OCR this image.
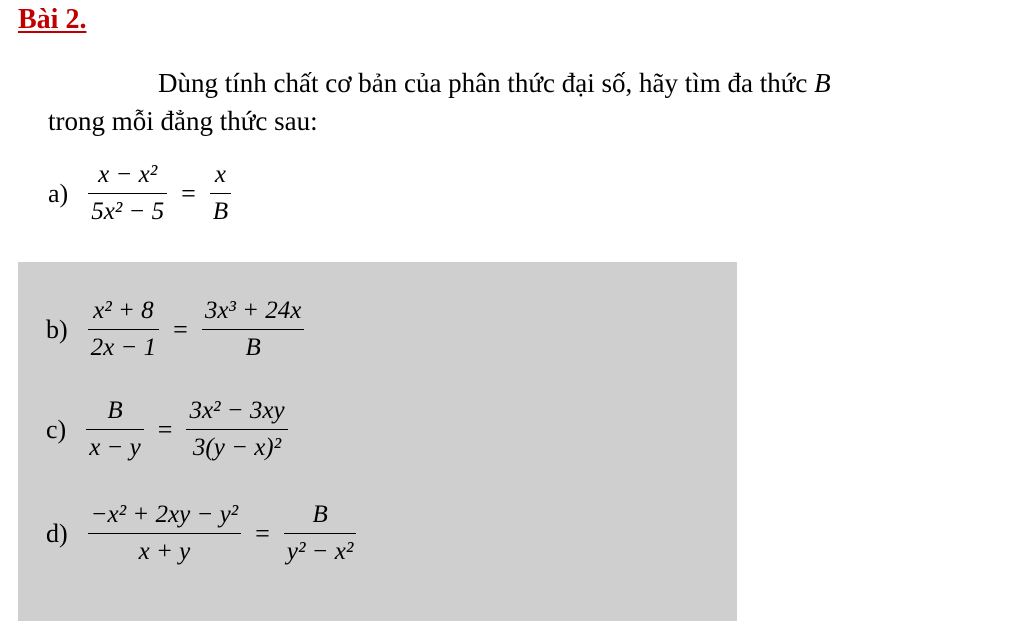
Bài 2.
Dùng tính chất cơ bản của phân thức đại số, hãy tìm đa thức B
trong mỗi đẳng thức sau:
$a) \frac{\text{x − x²}}{\text{5x² − 5}} = \frac{x}{B}$
$b) \frac{\text{x² + 8}}{2x - 1} = \frac{\text{3x³ + 24x}}{B}$
$c) \frac{B}{x - y} = \frac{\text{3x² − 3xy}}{\text{3(y − x)²}}$
$d) \frac{\text{−x² + 2xy − y²}}{x + y} = \frac{B}{\text{y² − x²}}$
